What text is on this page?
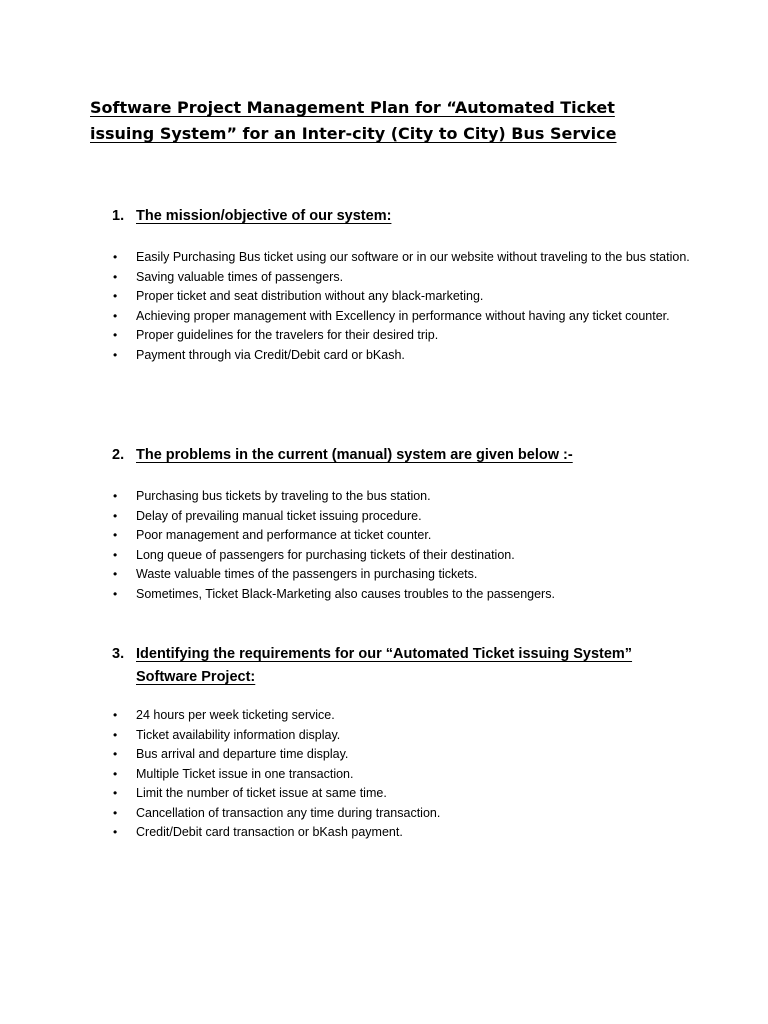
Software Project Management Plan for “Automated Ticket issuing System” for an Inter-city (City to City) Bus Service
1. The mission/objective of our system:
• Easily Purchasing Bus ticket using our software or in our website without traveling to the bus station.
• Saving valuable times of passengers.
• Proper ticket and seat distribution without any black-marketing.
• Achieving proper management with Excellency in performance without having any ticket counter.
• Proper guidelines for the travelers for their desired trip.
• Payment through via Credit/Debit card or bKash.
2. The problems in the current (manual) system are given below :-
• Purchasing bus tickets by traveling to the bus station.
• Delay of prevailing manual ticket issuing procedure.
• Poor management and performance at ticket counter.
• Long queue of passengers for purchasing tickets of their destination.
• Waste valuable times of the passengers in purchasing tickets.
• Sometimes, Ticket Black-Marketing also causes troubles to the passengers.
3. Identifying the requirements for our “Automated Ticket issuing System” Software Project:
• 24 hours per week ticketing service.
• Ticket availability information display.
• Bus arrival and departure time display.
• Multiple Ticket issue in one transaction.
• Limit the number of ticket issue at same time.
• Cancellation of transaction any time during transaction.
• Credit/Debit card transaction or bKash payment.
